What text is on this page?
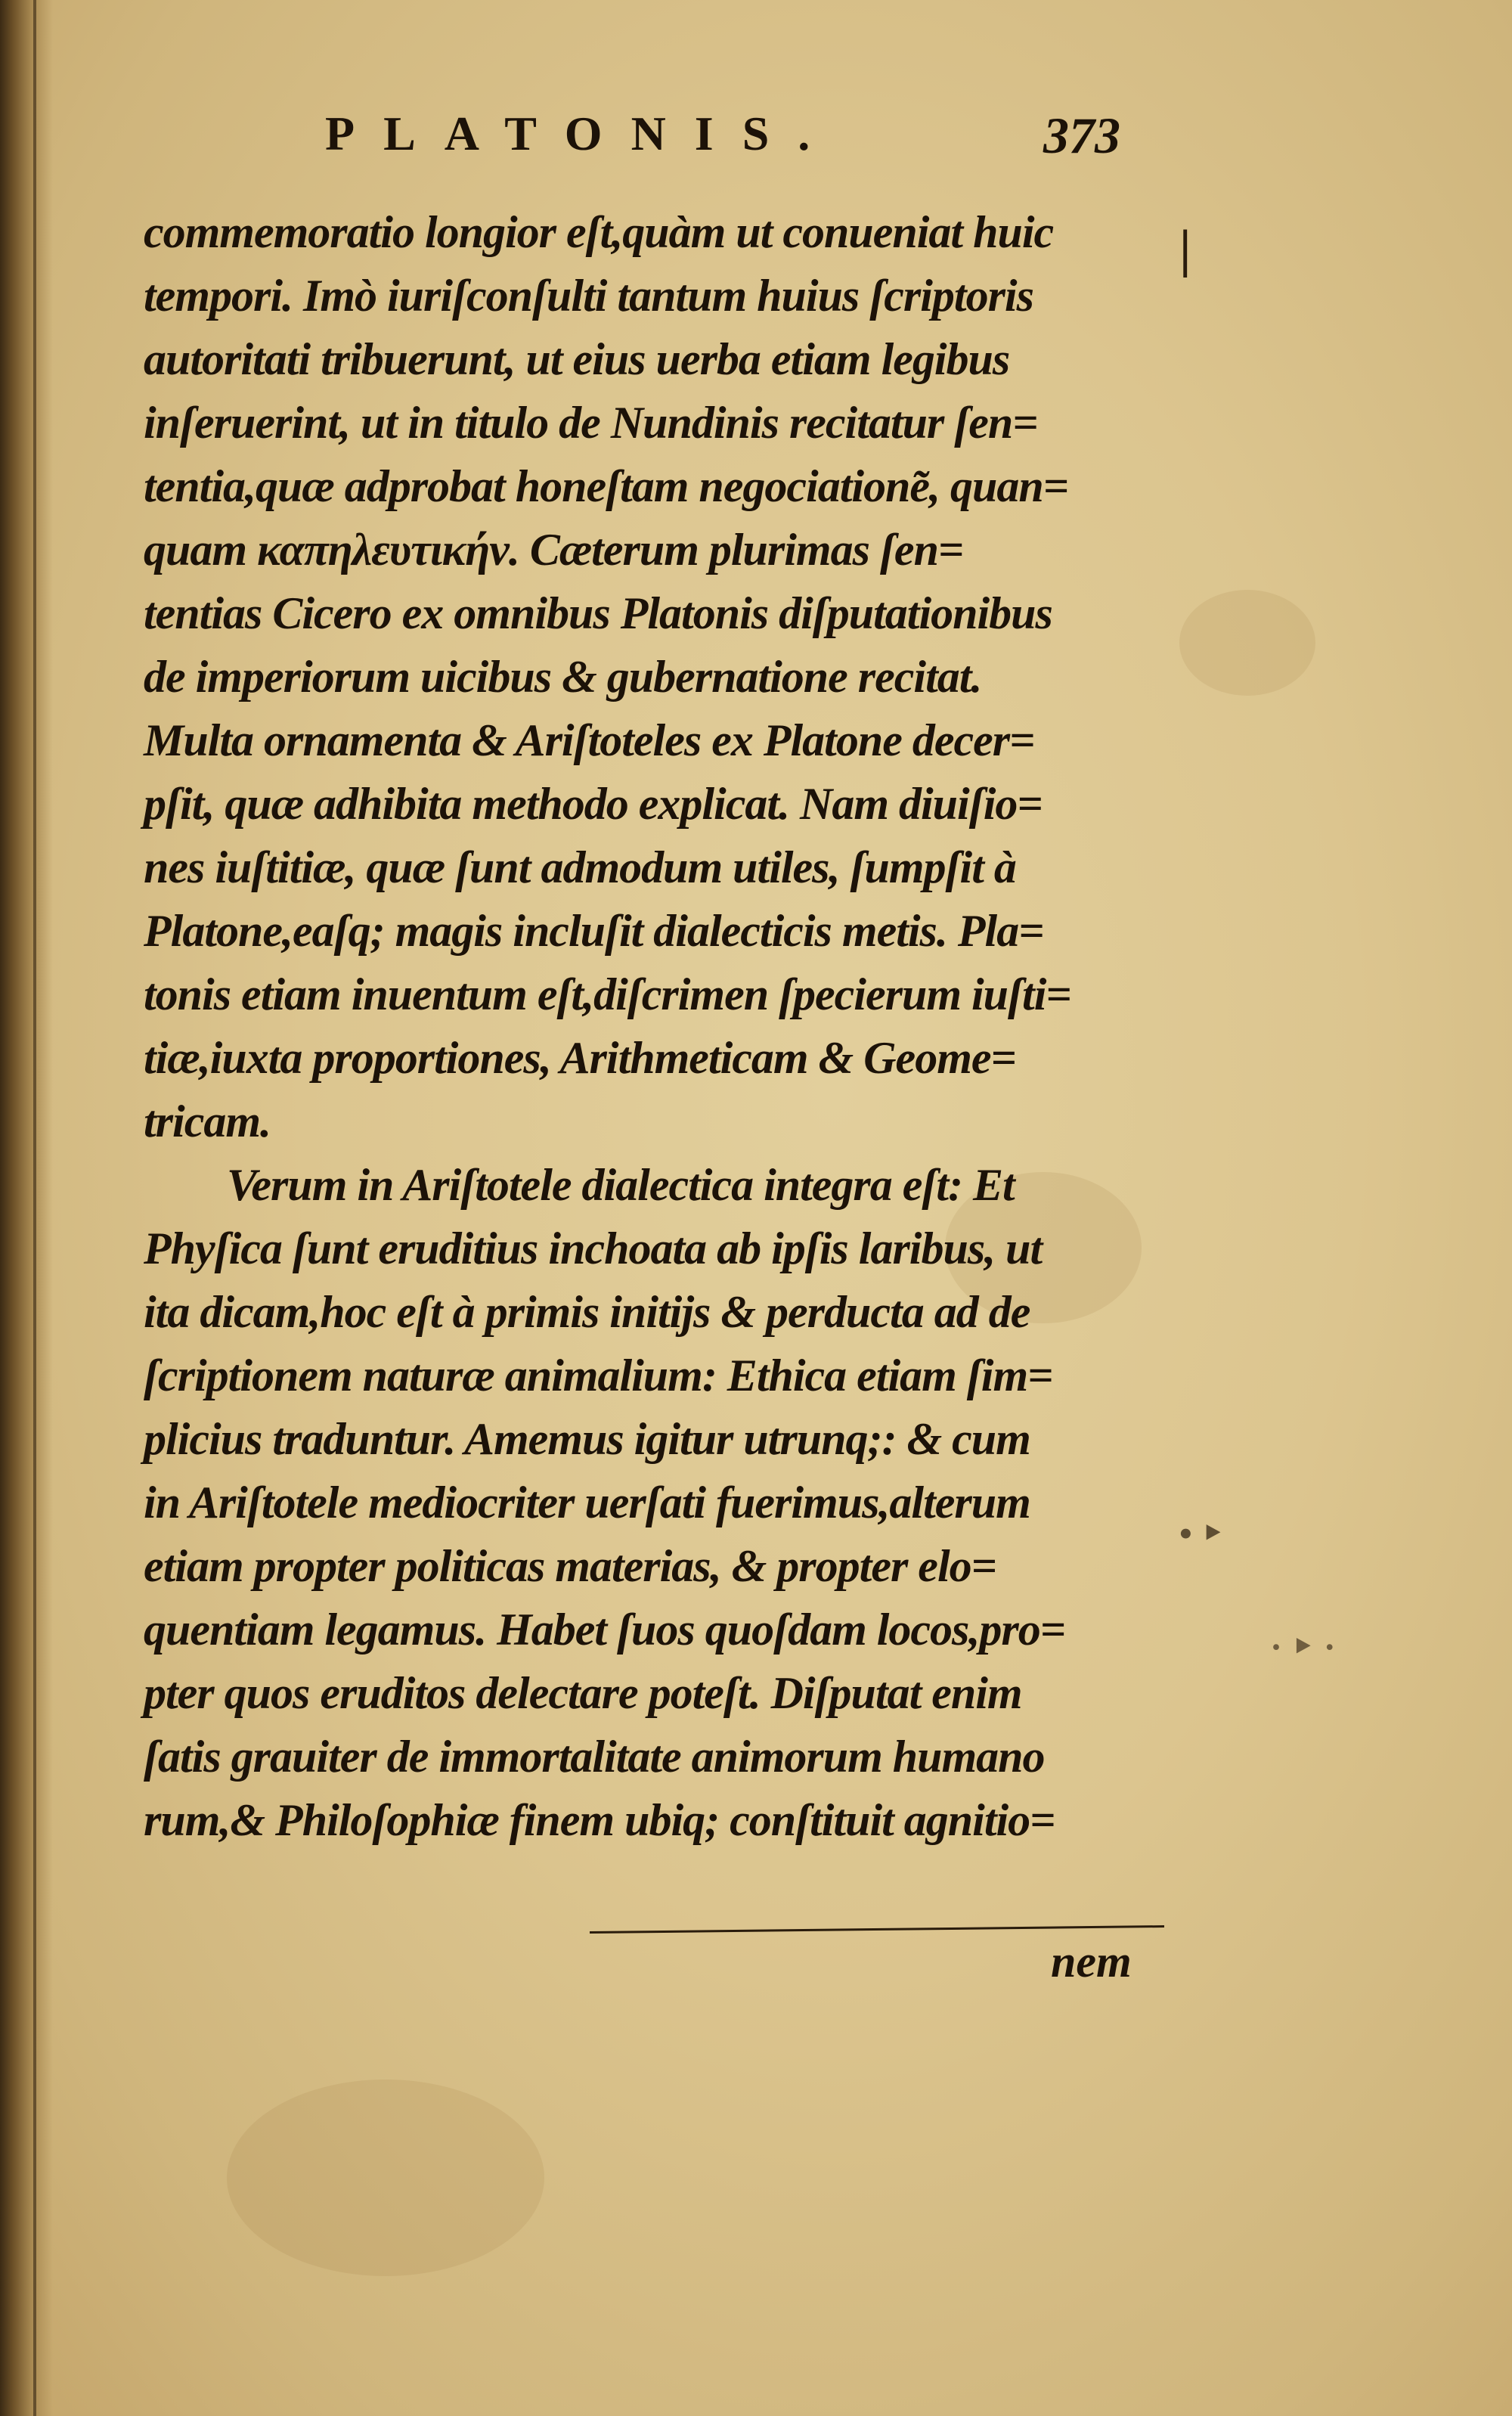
PLATONIS.	373
commemoratio longior eſt,quàm ut conueniat huic
tempori. Imò iuriſconſulti tantum huius ſcriptoris
autoritati tribuerunt, ut eius uerba etiam legibus
inſeruerint, ut in titulo de Nundinis recitatur ſen=
tentia,quæ adprobat honeſtam negociatione͂, quan=
quam καπηλευτικήν. Cæterum plurimas ſen=
tentias Cicero ex omnibus Platonis diſputationibus
de imperiorum uicibus & gubernatione recitat.
Multa ornamenta & Ariſtoteles ex Platone decer=
pſit, quæ adhibita methodo explicat. Nam diuiſio=
nes iuſtitiæ, quæ ſunt admodum utiles, ſumpſit à
Platone,eaſq; magis incluſit dialecticis metis. Pla=
tonis etiam inuentum eſt,diſcrimen ſpecierum iuſti=
tiæ,iuxta proportiones, Arithmeticam & Geome=
tricam.
Verum in Ariſtotele dialectica integra eſt: Et
Phyſica ſunt eruditius inchoata ab ipſis laribus, ut
ita dicam,hoc eſt à primis initijs & perducta ad de
ſcriptionem naturæ animalium: Ethica etiam ſim=
plicius traduntur. Amemus igitur utrunq;: & cum
in Ariſtotele mediocriter uerſati fuerimus,alterum
etiam propter politicas materias, & propter elo=
quentiam legamus. Habet ſuos quoſdam locos,pro=
pter quos eruditos delectare poteſt. Diſputat enim
ſatis grauiter de immortalitate animorum humano
rum,& Philoſophiæ finem ubiq; conſtituit agnitio=
nem
|
• ‣
· ‣ ·
